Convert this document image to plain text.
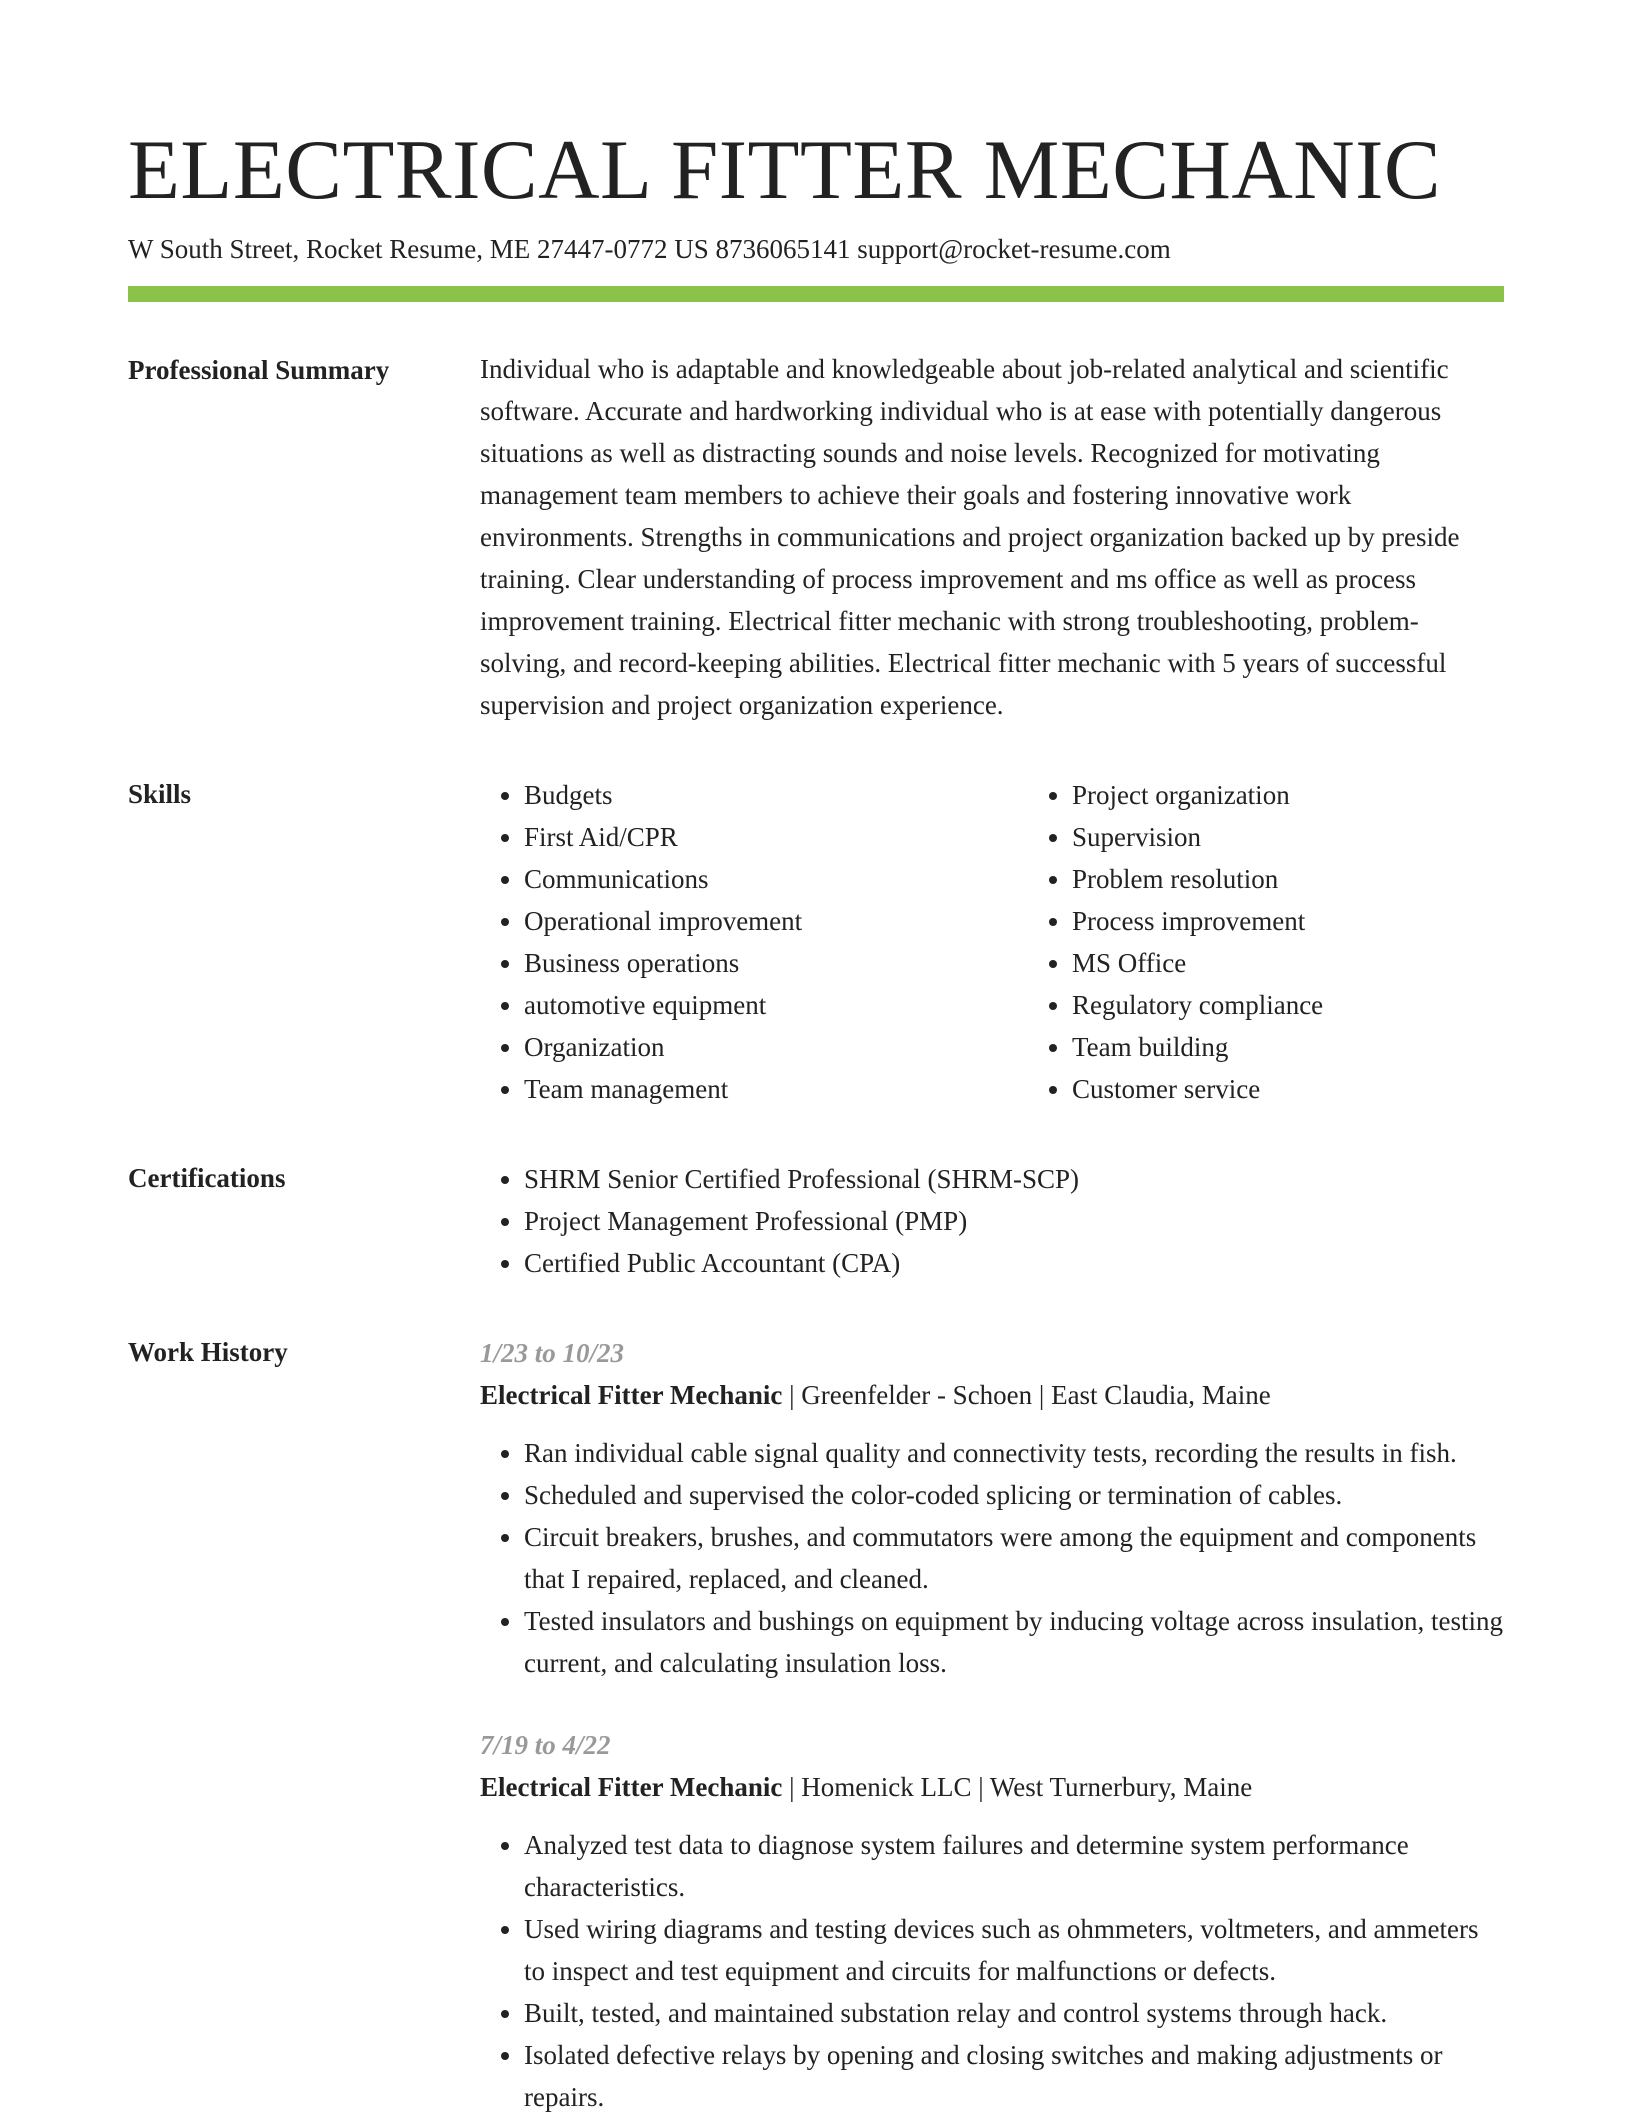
ELECTRICAL FITTER MECHANIC
W South Street, Rocket Resume, ME 27447-0772 US 8736065141 support@rocket-resume.com
Professional Summary	Individual who is adaptable and knowledgeable about job-related analytical and scientific software. Accurate and hardworking individual who is at ease with potentially dangerous situations as well as distracting sounds and noise levels. Recognized for motivating management team members to achieve their goals and fostering innovative work environments. Strengths in communications and project organization backed up by preside training. Clear understanding of process improvement and ms office as well as process improvement training. Electrical fitter mechanic with strong troubleshooting, problem-solving, and record-keeping abilities. Electrical fitter mechanic with 5 years of successful supervision and project organization experience.

Skills	• Budgets
• First Aid/CPR
• Communications
• Operational improvement
• Business operations
• automotive equipment
• Organization
• Team management
• Project organization
• Supervision
• Problem resolution
• Process improvement
• MS Office
• Regulatory compliance
• Team building
• Customer service
Certifications	• SHRM Senior Certified Professional (SHRM-SCP)
• Project Management Professional (PMP)
• Certified Public Accountant (CPA)
Work History	1/23 to 10/23
Electrical Fitter Mechanic | Greenfelder - Schoen | East Claudia, Maine
• Ran individual cable signal quality and connectivity tests, recording the results in fish.
• Scheduled and supervised the color-coded splicing or termination of cables.
• Circuit breakers, brushes, and commutators were among the equipment and components that I repaired, replaced, and cleaned.
• Tested insulators and bushings on equipment by inducing voltage across insulation, testing current, and calculating insulation loss.
7/19 to 4/22
Electrical Fitter Mechanic | Homenick LLC | West Turnerbury, Maine
• Analyzed test data to diagnose system failures and determine system performance characteristics.
• Used wiring diagrams and testing devices such as ohmmeters, voltmeters, and ammeters to inspect and test equipment and circuits for malfunctions or defects.
• Built, tested, and maintained substation relay and control systems through hack.
• Isolated defective relays by opening and closing switches and making adjustments or repairs.
